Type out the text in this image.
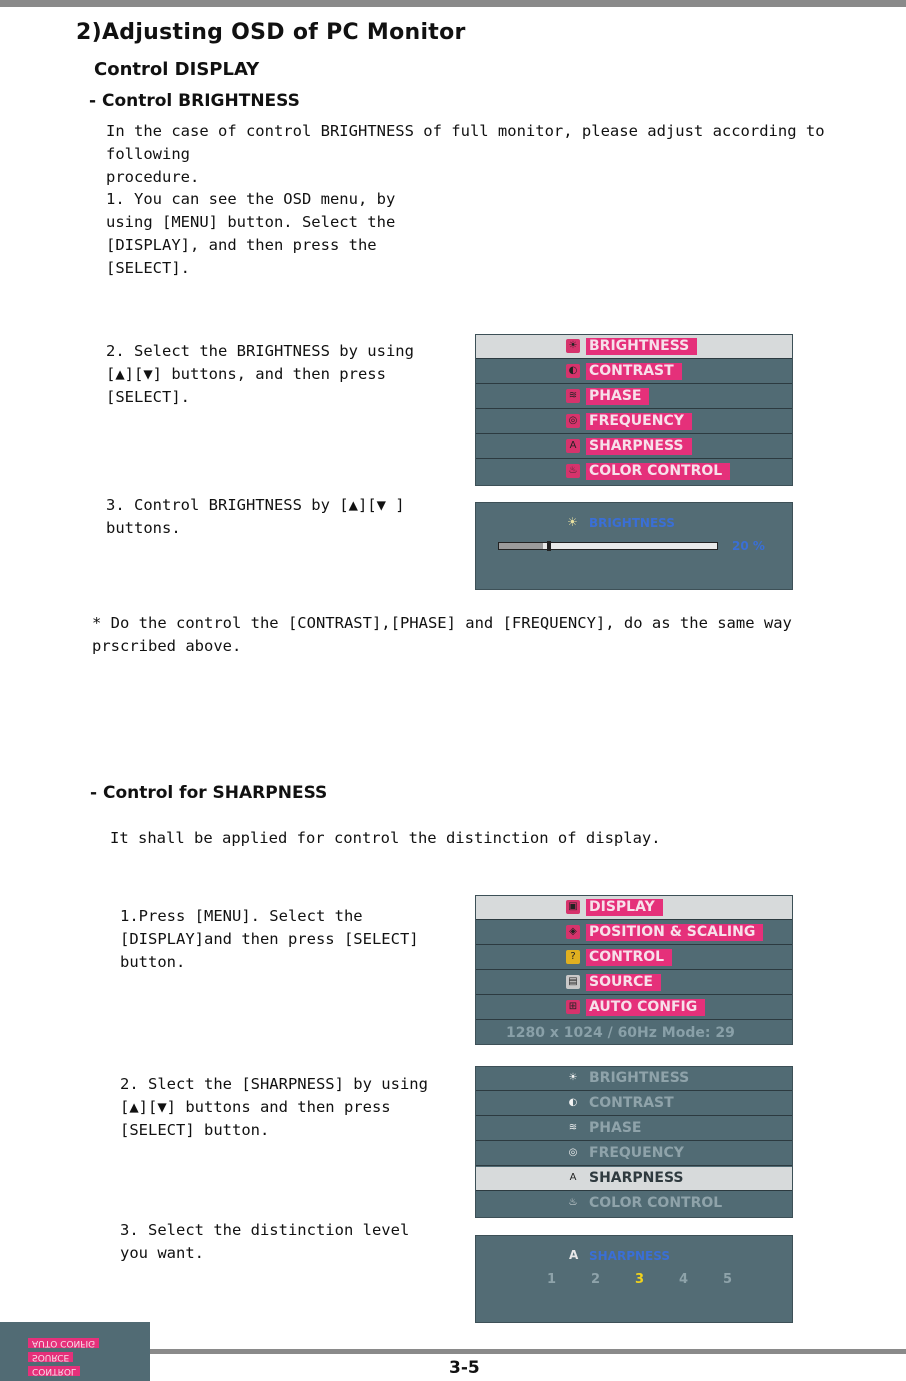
2)Adjusting OSD of PC Monitor
Control DISPLAY
- Control BRIGHTNESS
In the case of control BRIGHTNESS of full monitor, please adjust according to following
procedure.
1. You can see the OSD menu, by
using [MENU] button. Select the
[DISPLAY], and then press the
[SELECT].
2. Select the BRIGHTNESS by using
[▲][▼] buttons, and then press
[SELECT].
3. Control BRIGHTNESS by [▲][▼ ]
buttons.
☀ BRIGHTNESS
◐ CONTRAST
≋ PHASE
◎ FREQUENCY
A SHARPNESS
♨ COLOR CONTROL
☀ BRIGHTNESS
20 %
* Do the control the [CONTRAST],[PHASE] and [FREQUENCY], do as the same way
prscribed above.
- Control for SHARPNESS
It shall be applied for control the distinction of display.
1.Press [MENU]. Select the
[DISPLAY]and then press [SELECT]
button.
▣ DISPLAY
◈ POSITION & SCALING
? CONTROL
▤ SOURCE
⊞ AUTO CONFIG
1280 x 1024 / 60Hz Mode: 29
2. Slect the [SHARPNESS] by using
[▲][▼] buttons and then press
[SELECT] button.
☀ BRIGHTNESS
◐ CONTRAST
≋ PHASE
◎ FREQUENCY
A SHARPNESS
♨ COLOR CONTROL
3. Select the distinction level
you want.	A SHARPNESS
1	2	3	4	5
AUTO CONFIG
SOURCE
CONTROL	3-5
